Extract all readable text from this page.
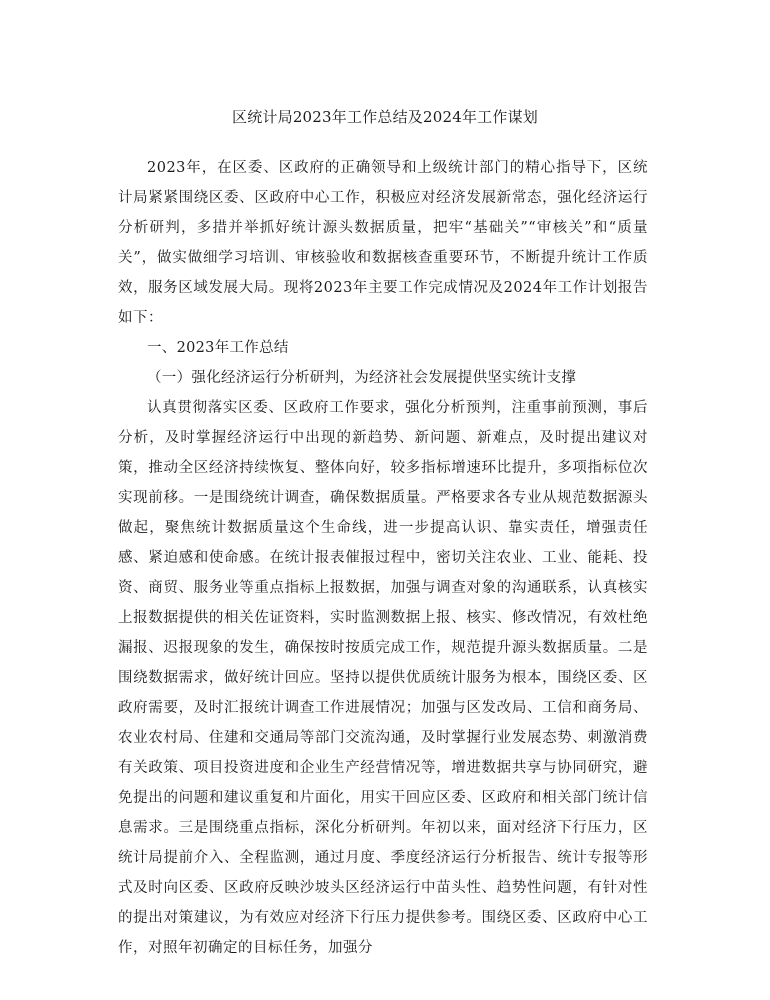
区统计局2023年工作总结及2024年工作谋划

2023年，在区委、区政府的正确领导和上级统计部门的精心指导下，区统计局紧紧围绕区委、区政府中心工作，积极应对经济发展新常态，强化经济运行分析研判，多措并举抓好统计源头数据质量，把牢“基础关”“审核关”和“质量关”，做实做细学习培训、审核验收和数据核查重要环节，不断提升统计工作质效，服务区域发展大局。现将2023年主要工作完成情况及2024年工作计划报告如下：

一、2023年工作总结

（一）强化经济运行分析研判，为经济社会发展提供坚实统计支撑

认真贯彻落实区委、区政府工作要求，强化分析预判，注重事前预测，事后分析，及时掌握经济运行中出现的新趋势、新问题、新难点，及时提出建议对策，推动全区经济持续恢复、整体向好，较多指标增速环比提升，多项指标位次实现前移。一是围绕统计调查，确保数据质量。严格要求各专业从规范数据源头做起，聚焦统计数据质量这个生命线，进一步提高认识、靠实责任，增强责任感、紧迫感和使命感。在统计报表催报过程中，密切关注农业、工业、能耗、投资、商贸、服务业等重点指标上报数据，加强与调查对象的沟通联系，认真核实上报数据提供的相关佐证资料，实时监测数据上报、核实、修改情况，有效杜绝漏报、迟报现象的发生，确保按时按质完成工作，规范提升源头数据质量。二是围绕数据需求，做好统计回应。坚持以提供优质统计服务为根本，围绕区委、区政府需要，及时汇报统计调查工作进展情况；加强与区发改局、工信和商务局、农业农村局、住建和交通局等部门交流沟通，及时掌握行业发展态势、刺激消费有关政策、项目投资进度和企业生产经营情况等，增进数据共享与协同研究，避免提出的问题和建议重复和片面化，用实干回应区委、区政府和相关部门统计信息需求。三是围绕重点指标，深化分析研判。年初以来，面对经济下行压力，区统计局提前介入、全程监测，通过月度、季度经济运行分析报告、统计专报等形式及时向区委、区政府反映沙坡头区经济运行中苗头性、趋势性问题，有针对性的提出对策建议，为有效应对经济下行压力提供参考。围绕区委、区政府中心工作，对照年初确定的目标任务，加强分
